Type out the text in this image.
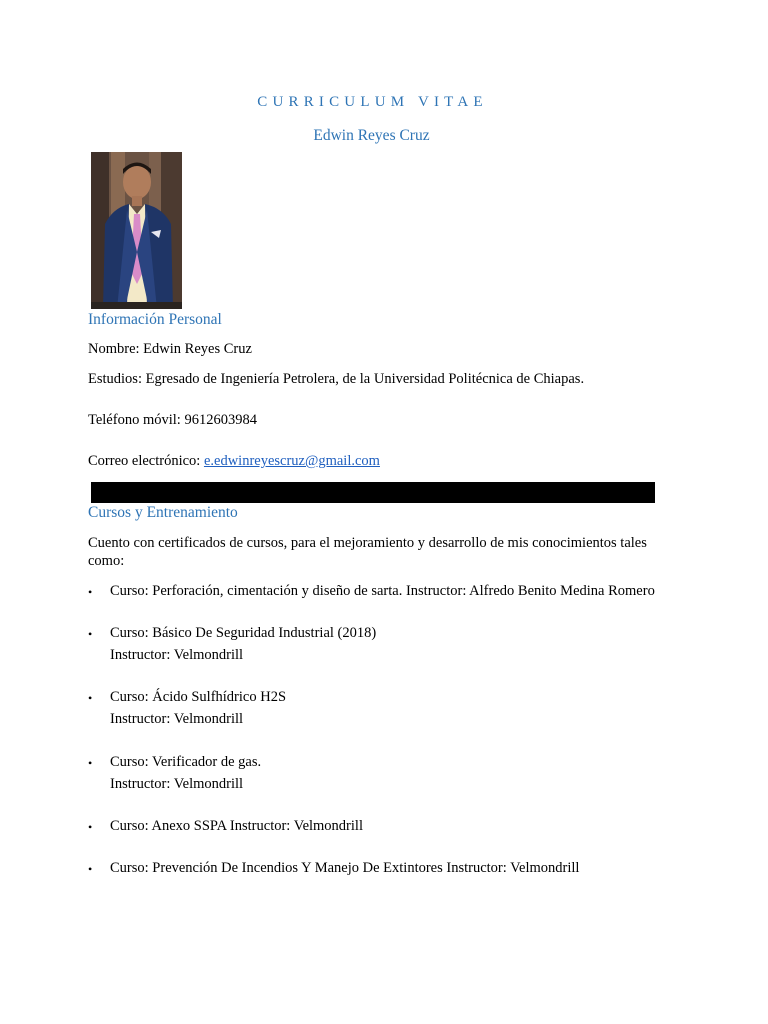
CURRICULUM VITAE
Edwin Reyes Cruz
Información Personal
Nombre: Edwin Reyes Cruz
Estudios: Egresado de Ingeniería Petrolera, de la Universidad Politécnica de Chiapas.
Teléfono móvil: 9612603984
Correo electrónico: e.edwinreyescruz@gmail.com
Cursos y Entrenamiento
Cuento con certificados de cursos, para el mejoramiento y desarrollo de mis conocimientos tales como:
• Curso: Perforación, cimentación y diseño de sarta. Instructor: Alfredo Benito Medina Romero
• Curso: Básico De Seguridad Industrial (2018)
Instructor: Velmondrill
• Curso: Ácido Sulfhídrico H2S
Instructor: Velmondrill
• Curso: Verificador de gas.
Instructor: Velmondrill
• Curso: Anexo SSPA Instructor: Velmondrill
• Curso: Prevención De Incendios Y Manejo De Extintores Instructor: Velmondrill
